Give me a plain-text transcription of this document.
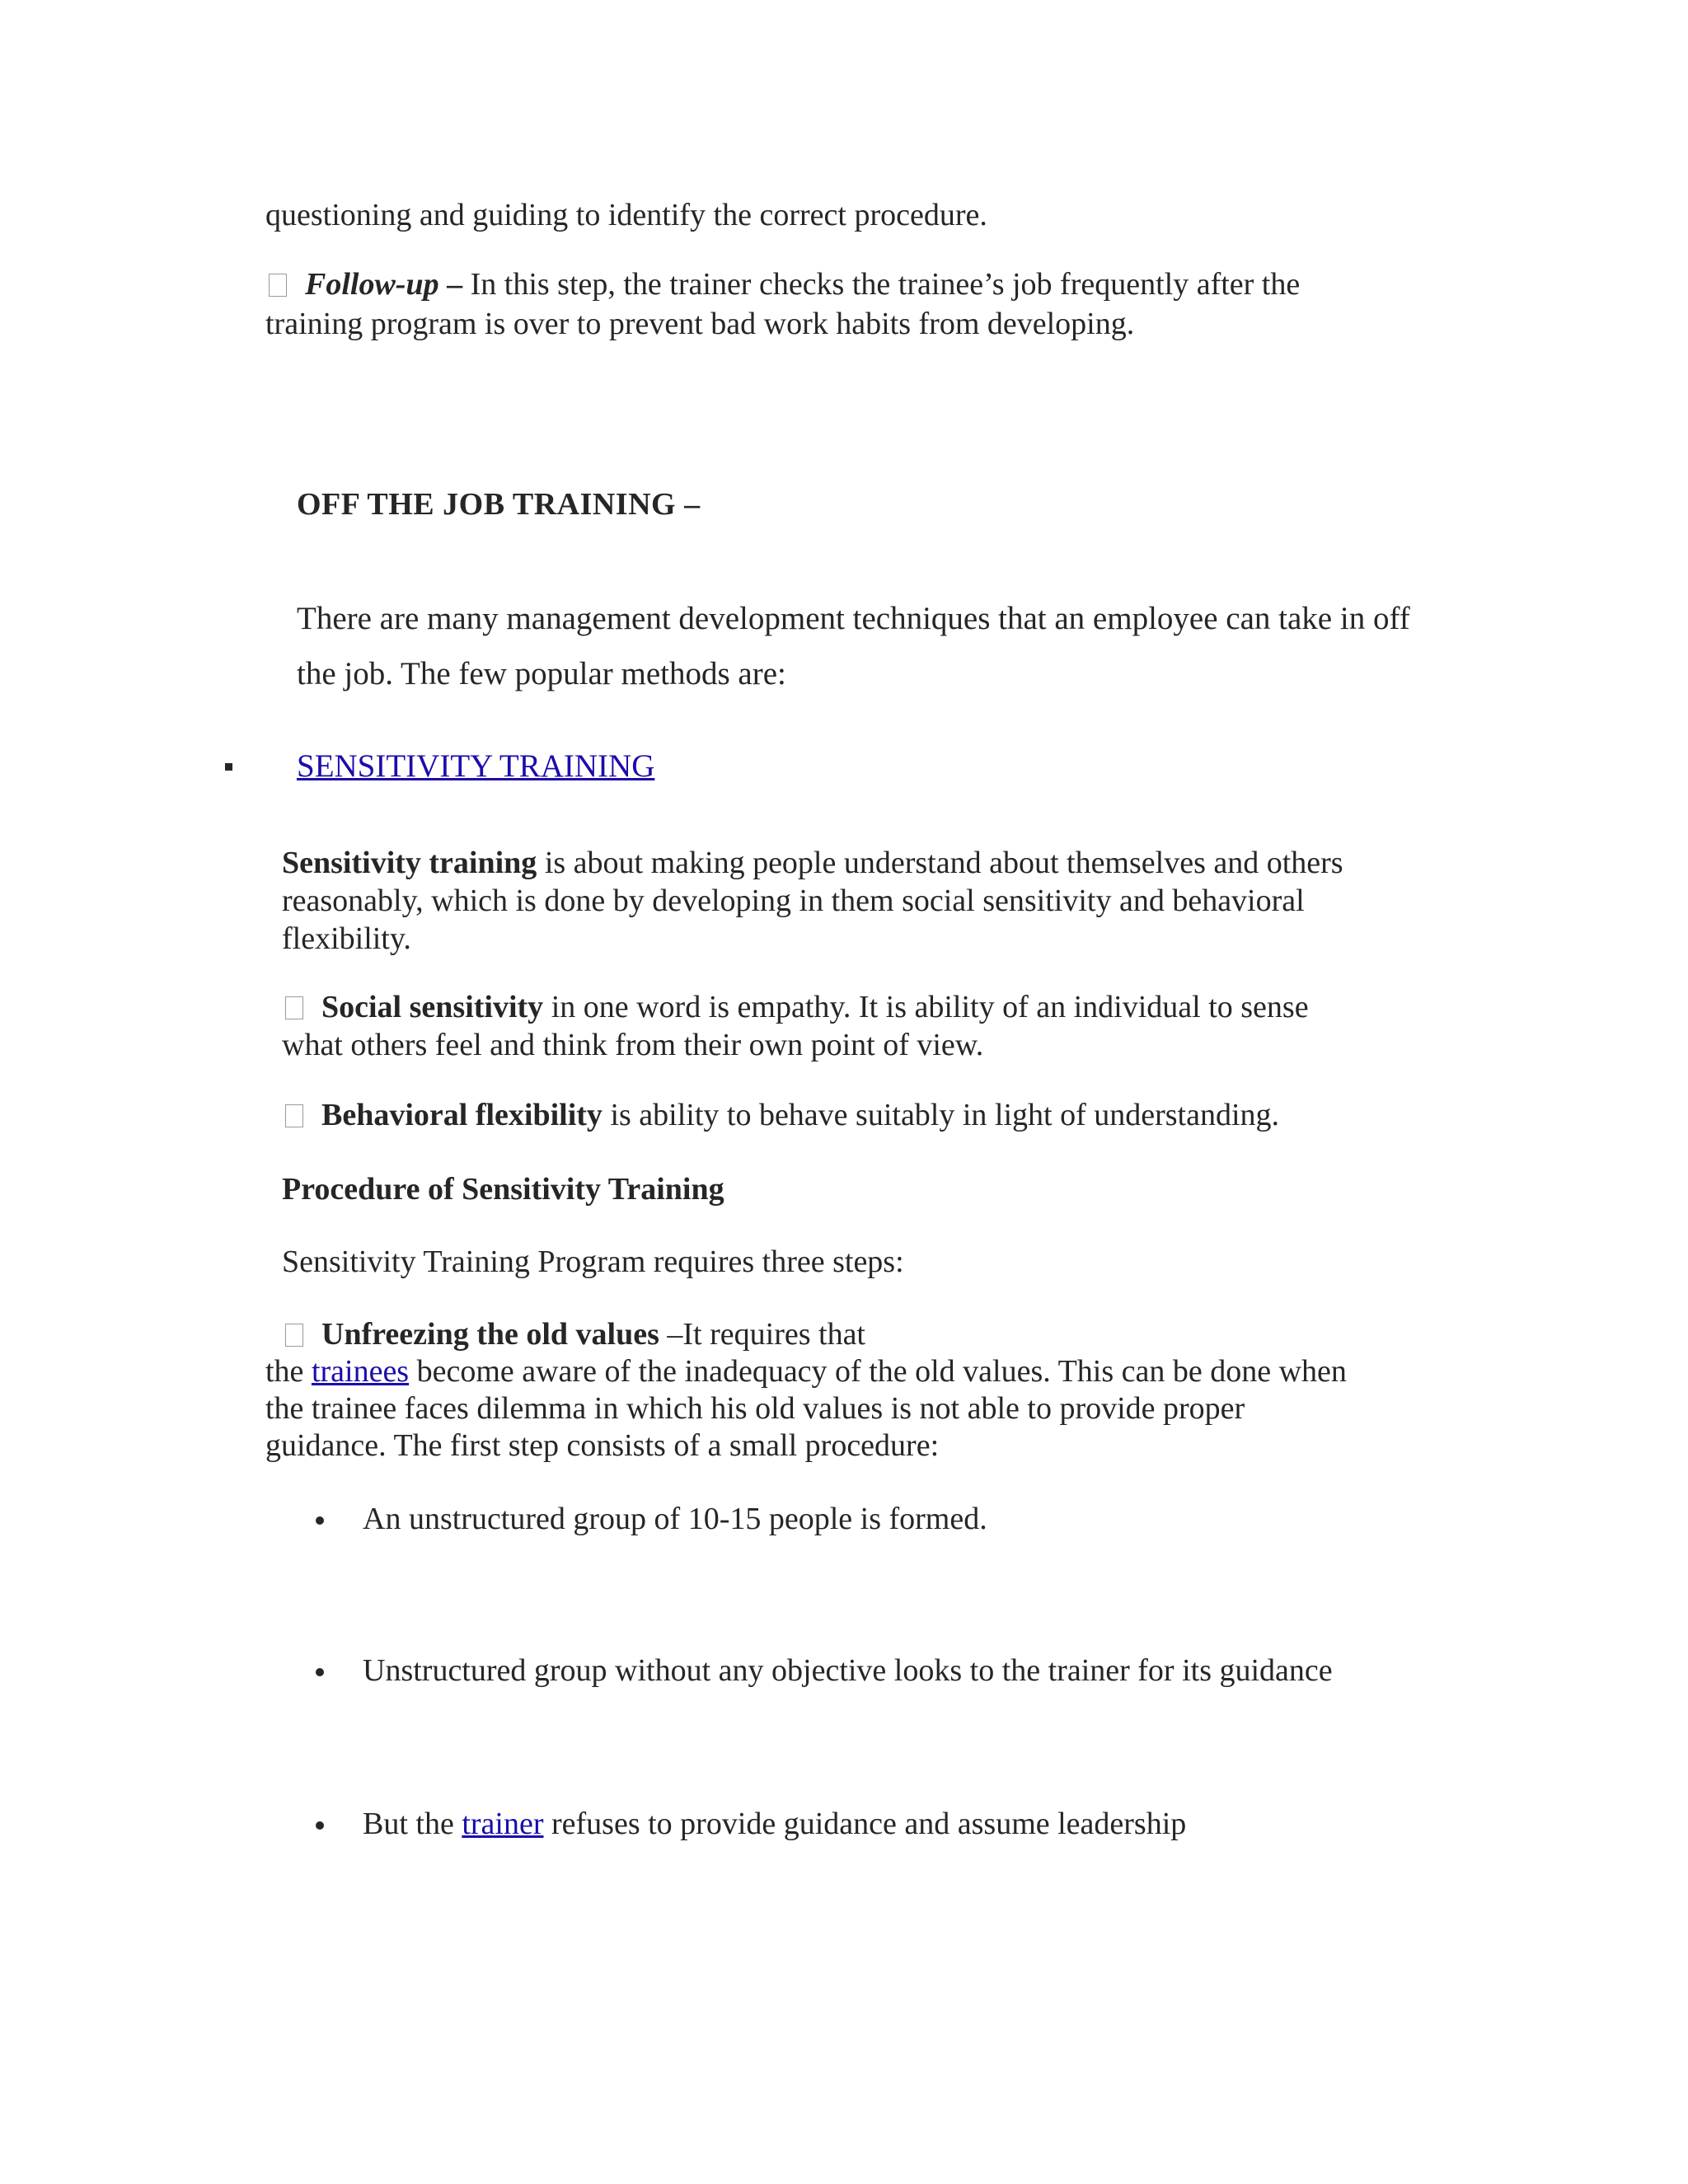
questioning and guiding to identify the correct procedure.
Follow-up – In this step, the trainer checks the trainee’s job frequently after the
training program is over to prevent bad work habits from developing.
OFF THE JOB TRAINING –
There are many management development techniques that an employee can take in off
the job. The few popular methods are:
SENSITIVITY TRAINING
Sensitivity training is about making people understand about themselves and others
reasonably, which is done by developing in them social sensitivity and behavioral
flexibility.
Social sensitivity in one word is empathy. It is ability of an individual to sense
what others feel and think from their own point of view.
Behavioral flexibility is ability to behave suitably in light of understanding.
Procedure of Sensitivity Training
Sensitivity Training Program requires three steps:
Unfreezing the old values –It requires that
the trainees become aware of the inadequacy of the old values. This can be done when
the trainee faces dilemma in which his old values is not able to provide proper
guidance. The first step consists of a small procedure:
An unstructured group of 10-15 people is formed.
Unstructured group without any objective looks to the trainer for its guidance
But the trainer refuses to provide guidance and assume leadership
